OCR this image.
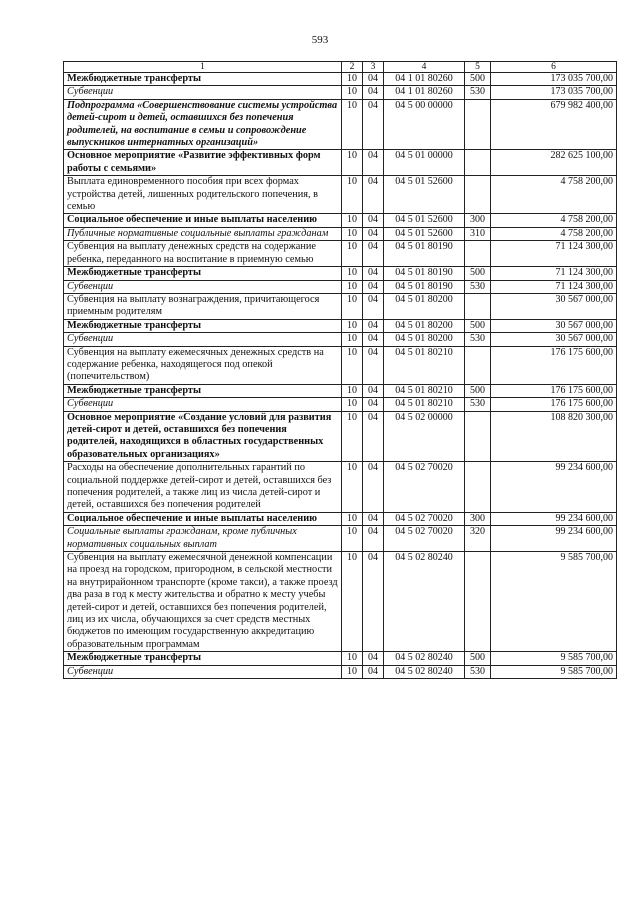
593
1	2	3	4	5	6
Межбюджетные трансферты	10	04	04 1 01 80260	500	173 035 700,00
Субвенции	10	04	04 1 01 80260	530	173 035 700,00
Подпрограмма «Совершенствование системы устройства детей-сирот и детей, оставшихся без попечения родителей, на воспитание в семьи и сопровождение выпускников интернатных организаций»	10	04	04 5 00 00000		679 982 400,00
Основное мероприятие «Развитие эффективных форм работы с семьями»	10	04	04 5 01 00000		282 625 100,00
Выплата единовременного пособия при всех формах устройства детей, лишенных родительского попечения, в семью	10	04	04 5 01 52600		4 758 200,00
Социальное обеспечение и иные выплаты населению	10	04	04 5 01 52600	300	4 758 200,00
Публичные нормативные социальные выплаты гражданам	10	04	04 5 01 52600	310	4 758 200,00
Субвенция на выплату денежных средств на содержание ребенка, переданного на воспитание в приемную семью	10	04	04 5 01 80190		71 124 300,00
Межбюджетные трансферты	10	04	04 5 01 80190	500	71 124 300,00
Субвенции	10	04	04 5 01 80190	530	71 124 300,00
Субвенция на выплату вознаграждения, причитающегося приемным родителям	10	04	04 5 01 80200		30 567 000,00
Межбюджетные трансферты	10	04	04 5 01 80200	500	30 567 000,00
Субвенции	10	04	04 5 01 80200	530	30 567 000,00
Субвенция на выплату ежемесячных денежных средств на содержание ребенка, находящегося под опекой (попечительством)	10	04	04 5 01 80210		176 175 600,00
Межбюджетные трансферты	10	04	04 5 01 80210	500	176 175 600,00
Субвенции	10	04	04 5 01 80210	530	176 175 600,00
Основное мероприятие «Создание условий для развития детей-сирот и детей, оставшихся без попечения родителей, находящихся в областных государственных образовательных организациях»	10	04	04 5 02 00000		108 820 300,00
Расходы на обеспечение дополнительных гарантий по социальной поддержке детей-сирот и детей, оставшихся без попечения родителей, а также лиц из числа детей-сирот и детей, оставшихся без попечения родителей	10	04	04 5 02 70020		99 234 600,00
Социальное обеспечение и иные выплаты населению	10	04	04 5 02 70020	300	99 234 600,00
Социальные выплаты гражданам, кроме публичных нормативных социальных выплат	10	04	04 5 02 70020	320	99 234 600,00
Субвенция на выплату ежемесячной денежной компенсации на проезд на городском, пригородном, в сельской местности на внутрирайонном транспорте (кроме такси), а также проезд два раза в год к месту жительства и обратно к месту учебы детей-сирот и детей, оставшихся без попечения родителей, лиц из их числа, обучающихся за счет средств местных бюджетов по имеющим государственную аккредитацию образовательным программам	10	04	04 5 02 80240		9 585 700,00
Межбюджетные трансферты	10	04	04 5 02 80240	500	9 585 700,00
Субвенции	10	04	04 5 02 80240	530	9 585 700,00
